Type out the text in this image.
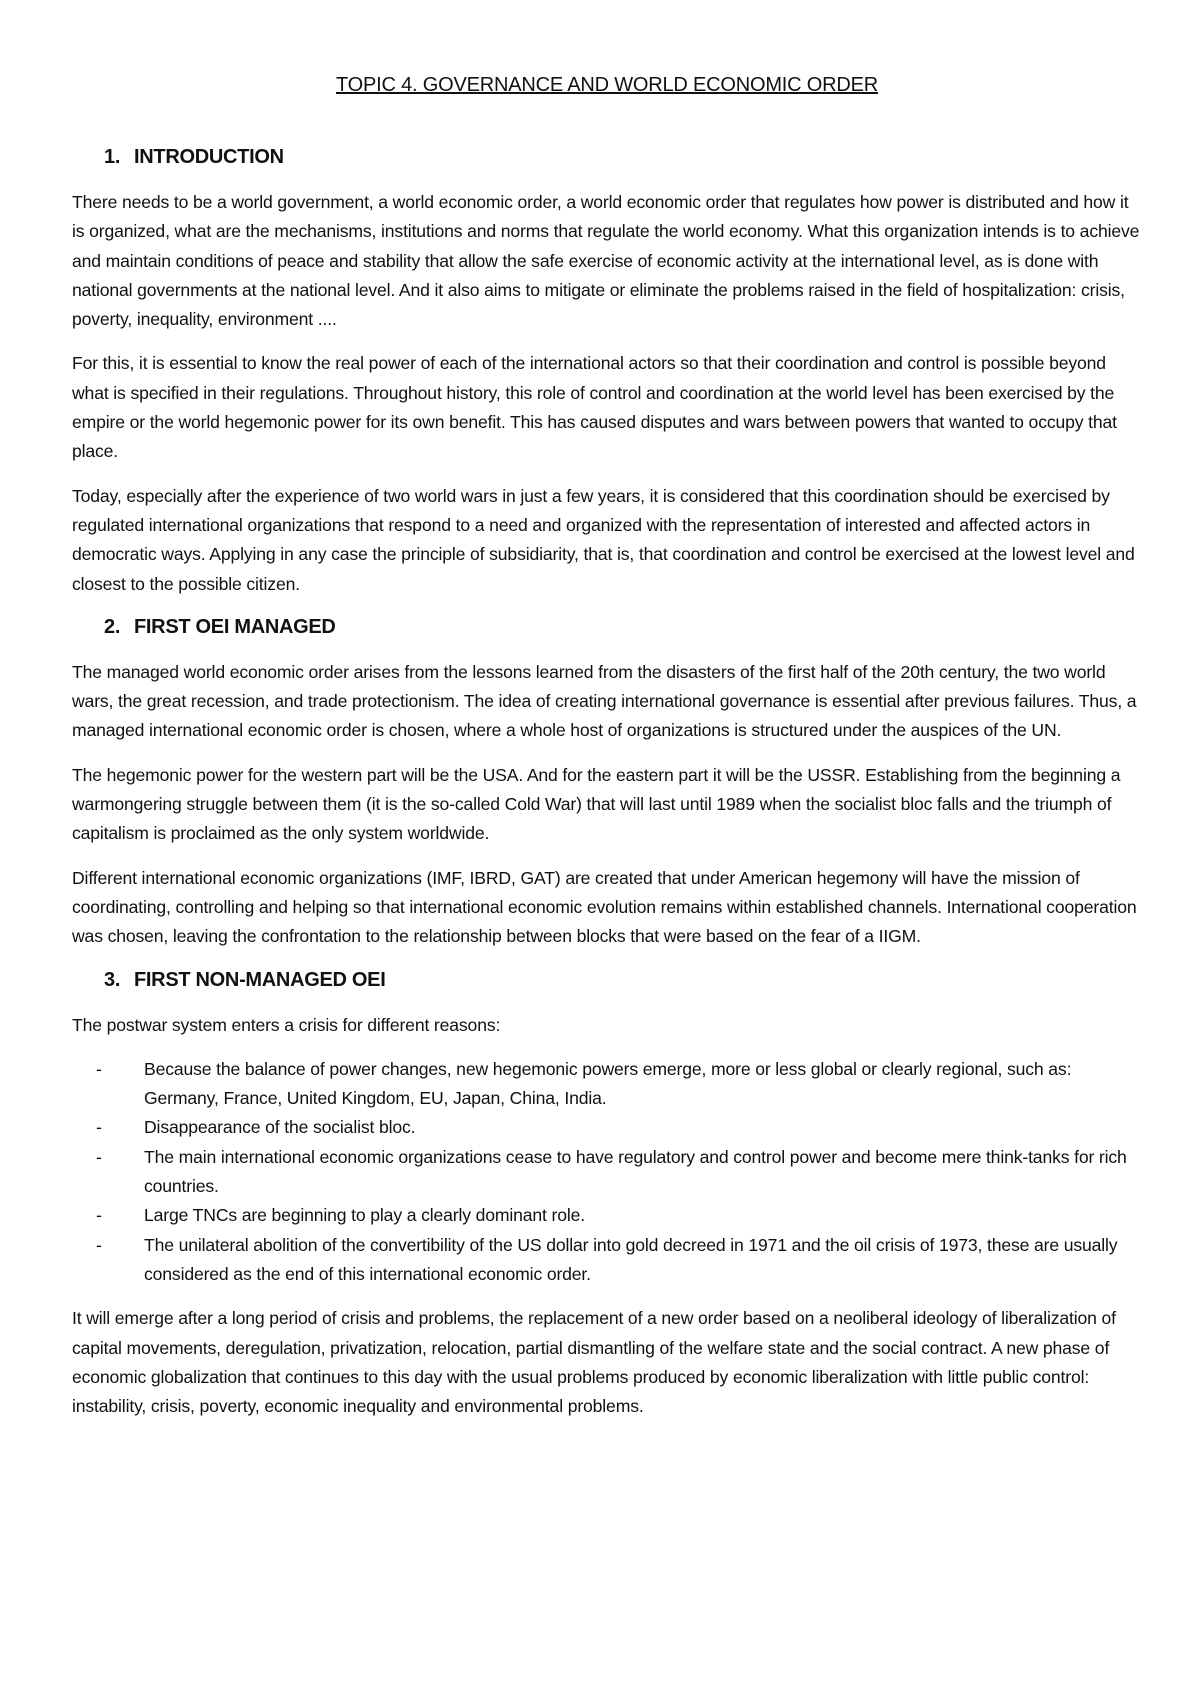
TOPIC 4. GOVERNANCE AND WORLD ECONOMIC ORDER
1. INTRODUCTION

There needs to be a world government, a world economic order, a world economic order that regulates how power is distributed and how it is organized, what are the mechanisms, institutions and norms that regulate the world economy. What this organization intends is to achieve and maintain conditions of peace and stability that allow the safe exercise of economic activity at the international level, as is done with national governments at the national level. And it also aims to mitigate or eliminate the problems raised in the field of hospitalization: crisis, poverty, inequality, environment ....

For this, it is essential to know the real power of each of the international actors so that their coordination and control is possible beyond what is specified in their regulations. Throughout history, this role of control and coordination at the world level has been exercised by the empire or the world hegemonic power for its own benefit. This has caused disputes and wars between powers that wanted to occupy that place.

Today, especially after the experience of two world wars in just a few years, it is considered that this coordination should be exercised by regulated international organizations that respond to a need and organized with the representation of interested and affected actors in democratic ways. Applying in any case the principle of subsidiarity, that is, that coordination and control be exercised at the lowest level and closest to the possible citizen.

2. FIRST OEI MANAGED

The managed world economic order arises from the lessons learned from the disasters of the first half of the 20th century, the two world wars, the great recession, and trade protectionism. The idea of creating international governance is essential after previous failures. Thus, a managed international economic order is chosen, where a whole host of organizations is structured under the auspices of the UN.

The hegemonic power for the western part will be the USA. And for the eastern part it will be the USSR. Establishing from the beginning a warmongering struggle between them (it is the so-called Cold War) that will last until 1989 when the socialist bloc falls and the triumph of capitalism is proclaimed as the only system worldwide.

Different international economic organizations (IMF, IBRD, GAT) are created that under American hegemony will have the mission of coordinating, controlling and helping so that international economic evolution remains within established channels. International cooperation was chosen, leaving the confrontation to the relationship between blocks that were based on the fear of a IIGM.

3. FIRST NON-MANAGED OEI

The postwar system enters a crisis for different reasons:

- Because the balance of power changes, new hegemonic powers emerge, more or less global or clearly regional, such as: Germany, France, United Kingdom, EU, Japan, China, India.
- Disappearance of the socialist bloc.
- The main international economic organizations cease to have regulatory and control power and become mere think-tanks for rich countries.
- Large TNCs are beginning to play a clearly dominant role.
- The unilateral abolition of the convertibility of the US dollar into gold decreed in 1971 and the oil crisis of 1973, these are usually considered as the end of this international economic order.

It will emerge after a long period of crisis and problems, the replacement of a new order based on a neoliberal ideology of liberalization of capital movements, deregulation, privatization, relocation, partial dismantling of the welfare state and the social contract. A new phase of economic globalization that continues to this day with the usual problems produced by economic liberalization with little public control: instability, crisis, poverty, economic inequality and environmental problems.
